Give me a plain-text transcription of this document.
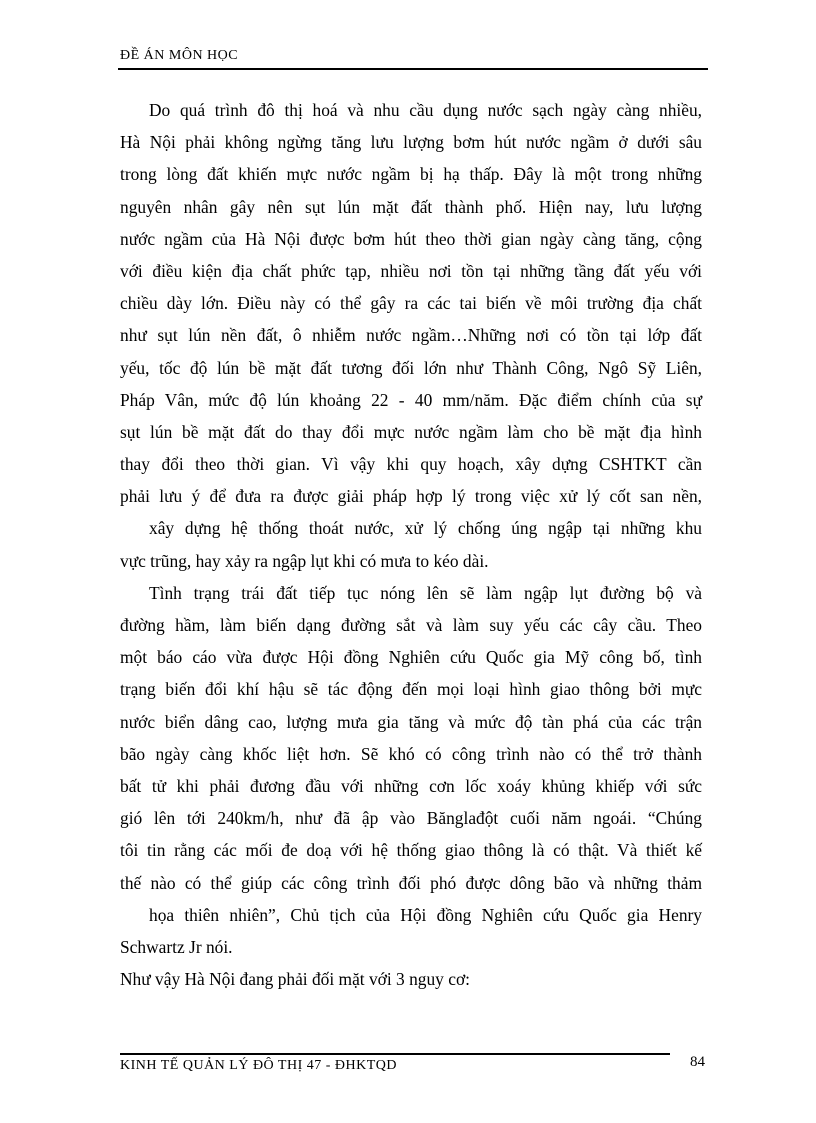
ĐỀ ÁN MÔN HỌC
Do quá trình đô thị hoá và nhu cầu dụng nước sạch ngày càng nhiều,
Hà Nội phải không ngừng tăng lưu lượng bơm hút nước ngầm ở dưới sâu
trong lòng đất khiến mực nước ngầm bị hạ thấp. Đây là một trong những
nguyên nhân gây nên sụt lún mặt đất thành phố. Hiện nay, lưu lượng
nước ngầm của Hà Nội được bơm hút theo thời gian ngày càng tăng, cộng
với điều kiện địa chất phức tạp, nhiều nơi tồn tại những tầng đất yếu với
chiều dày lớn. Điều này có thể gây ra các tai biến về môi trường địa chất
như sụt lún nền đất, ô nhiễm nước ngầm…Những nơi có tồn tại lớp đất
yếu, tốc độ lún bề mặt đất tương đối lớn như Thành Công, Ngô Sỹ Liên,
Pháp Vân, mức độ lún khoảng 22 - 40 mm/năm. Đặc điểm chính của sự
sụt lún bề mặt đất do thay đổi mực nước ngầm làm cho bề mặt địa hình
thay đổi theo thời gian. Vì vậy khi quy hoạch, xây dựng CSHTKT cần
phải lưu ý để đưa ra được giải pháp hợp lý trong việc xử lý cốt san nền,
xây dựng hệ thống thoát nước, xử lý chống úng ngập tại những khu
vực trũng, hay xảy ra ngập lụt khi có mưa to kéo dài.
Tình trạng trái đất tiếp tục nóng lên sẽ làm ngập lụt đường bộ và
đường hầm, làm biến dạng đường sắt và làm suy yếu các cây cầu. Theo
một báo cáo vừa được Hội đồng Nghiên cứu Quốc gia Mỹ công bố, tình
trạng biến đổi khí hậu sẽ tác động đến mọi loại hình giao thông bởi mực
nước biển dâng cao, lượng mưa gia tăng và mức độ tàn phá của các trận
bão ngày càng khốc liệt hơn. Sẽ khó có công trình nào có thể trở thành
bất tử khi phải đương đầu với những cơn lốc xoáy khủng khiếp với sức
gió lên tới 240km/h, như đã ập vào Bănglađột cuối năm ngoái. “Chúng
tôi tin rằng các mối đe doạ với hệ thống giao thông là có thật. Và thiết kế
thế nào có thể giúp các công trình đối phó được dông bão và những thảm
họa thiên nhiên”, Chủ tịch của Hội đồng Nghiên cứu Quốc gia Henry
Schwartz Jr nói.
Như vậy Hà Nội đang phải đối mặt với 3 nguy cơ:
KINH TẾ QUẢN LÝ ĐÔ THỊ 47 - ĐHKTQD	84
